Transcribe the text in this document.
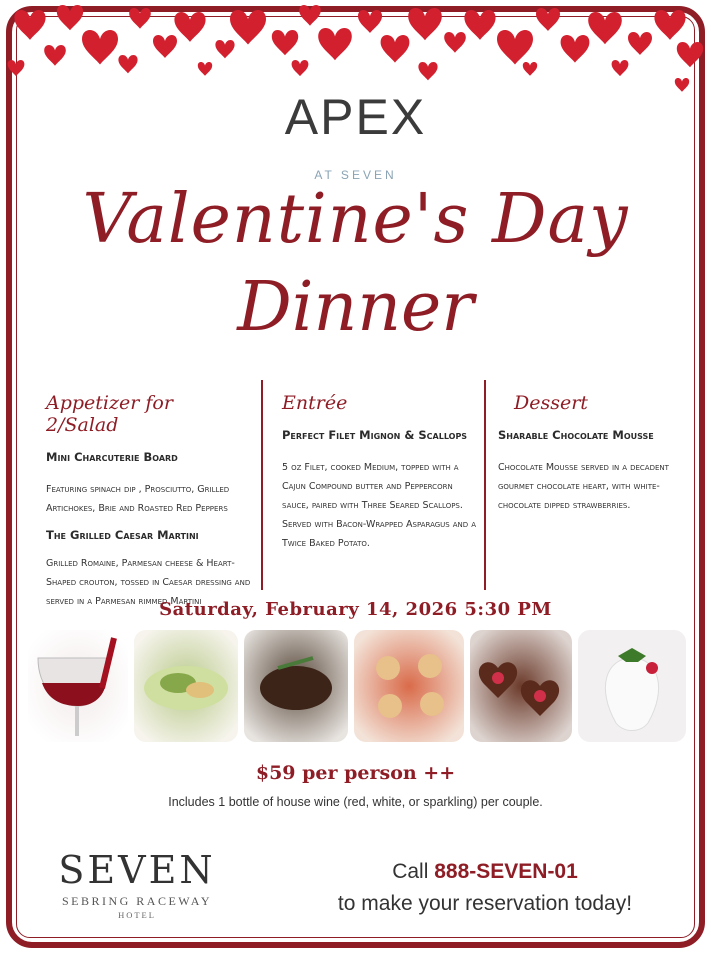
APEX
AT SEVEN
Valentine's Day
Dinner
Appetizer for 2/Salad
Mini Charcuterie Board
Featuring spinach dip , Prosciutto, Grilled Artichokes, Brie and Roasted Red Peppers
The Grilled Caesar Martini
Grilled Romaine, Parmesan cheese & Heart-Shaped crouton, tossed in Caesar dressing and served in a Parmesan rimmed Martini
Entrée
Perfect Filet Mignon & Scallops
5 oz Filet, cooked Medium, topped with a Cajun Compound butter and Peppercorn sauce, paired with Three Seared Scallops. Served with Bacon-Wrapped Asparagus and a Twice Baked Potato.
Dessert
Sharable Chocolate Mousse
Chocolate Mousse served in a decadent gourmet chocolate heart, with white-chocolate dipped strawberries.
Saturday, February 14, 2026 5:30 PM
$59 per person ++
Includes 1 bottle of house wine (red, white, or sparkling) per couple.
SEVEN
SEBRING RACEWAY
HOTEL
Call 888-SEVEN-01
to make your reservation today!
